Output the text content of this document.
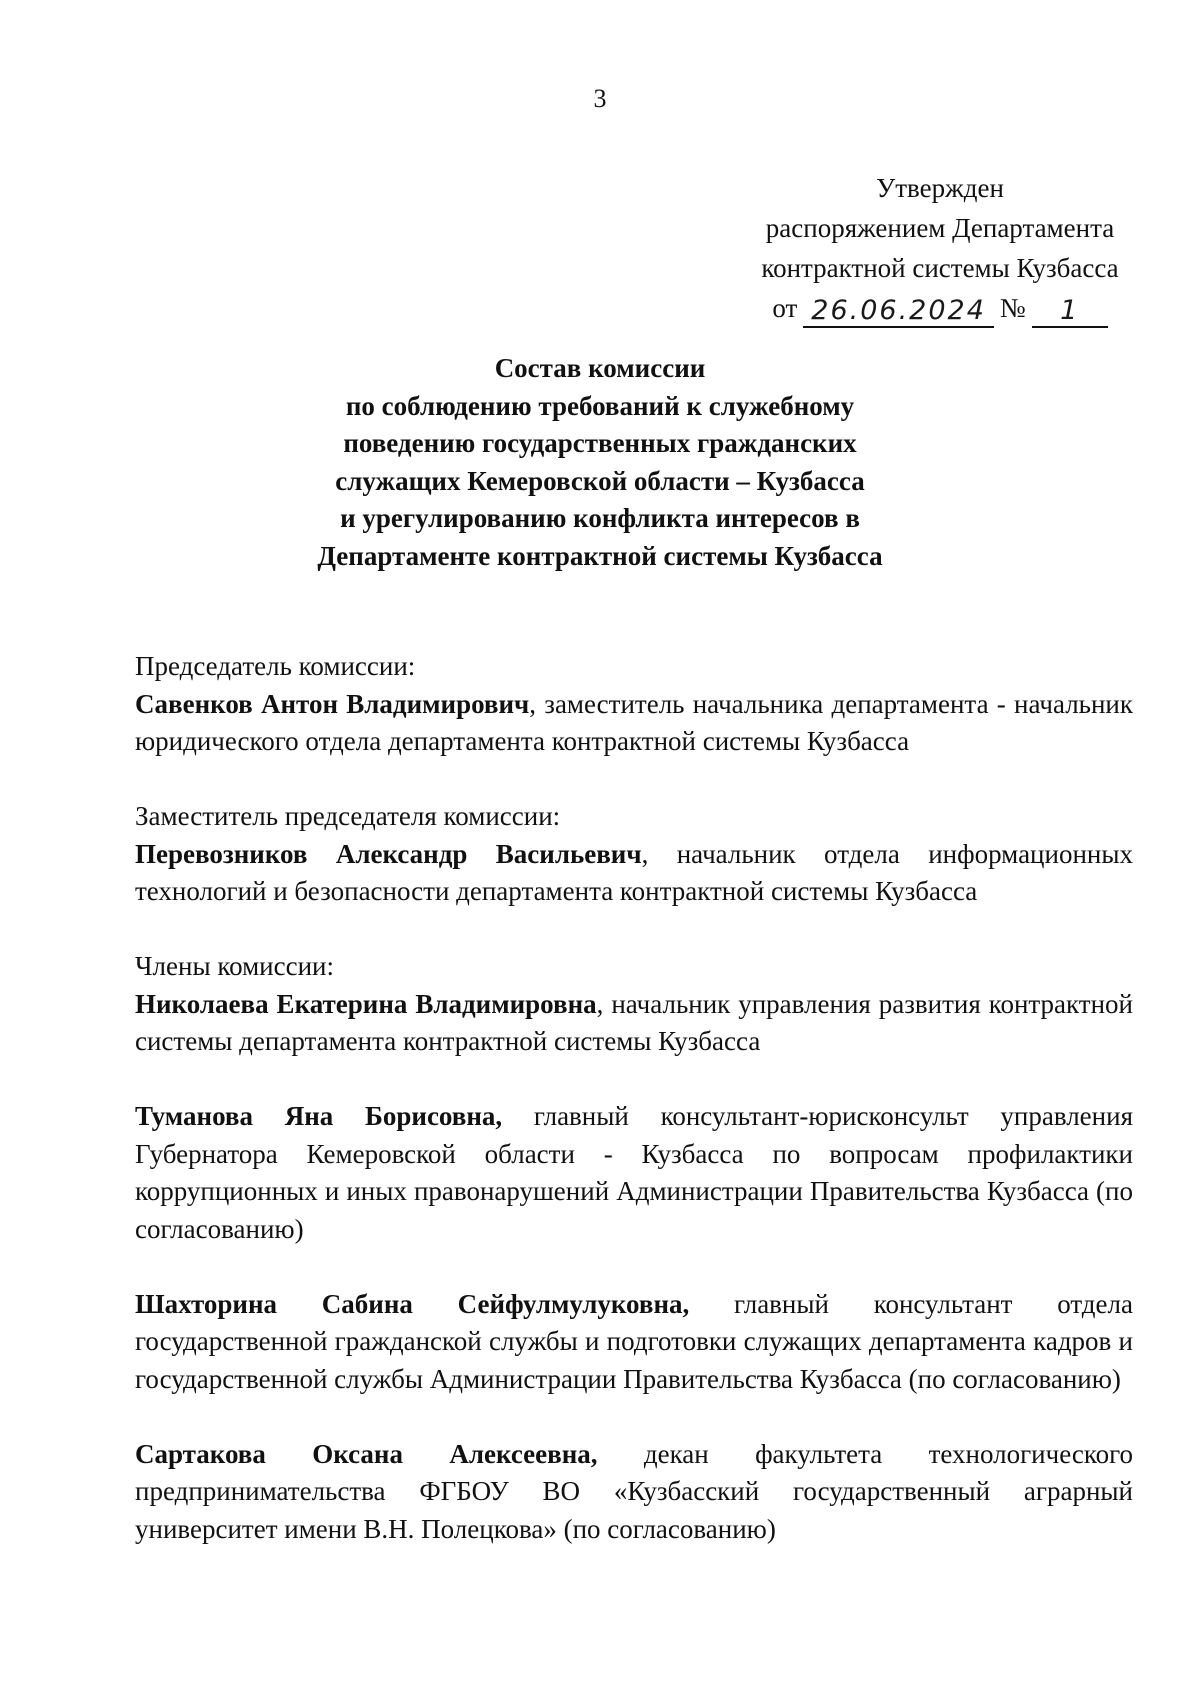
3
Утвержден
распоряжением Департамента
контрактной системы Кузбасса
от 26.06.2024 №	1
Состав комиссии
по соблюдению требований к служебному
поведению государственных гражданских
служащих Кемеровской области – Кузбасса
и урегулированию конфликта интересов в
Департаменте контрактной системы Кузбасса

Председатель комиссии:

Савенков Антон Владимирович, заместитель начальника департамента - начальник юридического отдела департамента контрактной системы Кузбасса

Заместитель председателя комиссии:

Перевозников Александр Васильевич, начальник отдела информационных технологий и безопасности департамента контрактной системы Кузбасса

Члены комиссии:

Николаева Екатерина Владимировна, начальник управления развития контрактной системы департамента контрактной системы Кузбасса

Туманова Яна Борисовна, главный консультант-юрисконсульт управления Губернатора Кемеровской области - Кузбасса по вопросам профилактики коррупционных и иных правонарушений Администрации Правительства Кузбасса (по согласованию)

Шахторина Сабина Сейфулмулуковна, главный консультант отдела государственной гражданской службы и подготовки служащих департамента кадров и государственной службы Администрации Правительства Кузбасса (по согласованию)

Сартакова Оксана Алексеевна, декан факультета технологического предпринимательства ФГБОУ ВО «Кузбасский государственный аграрный университет имени В.Н. Полецкова» (по согласованию)
